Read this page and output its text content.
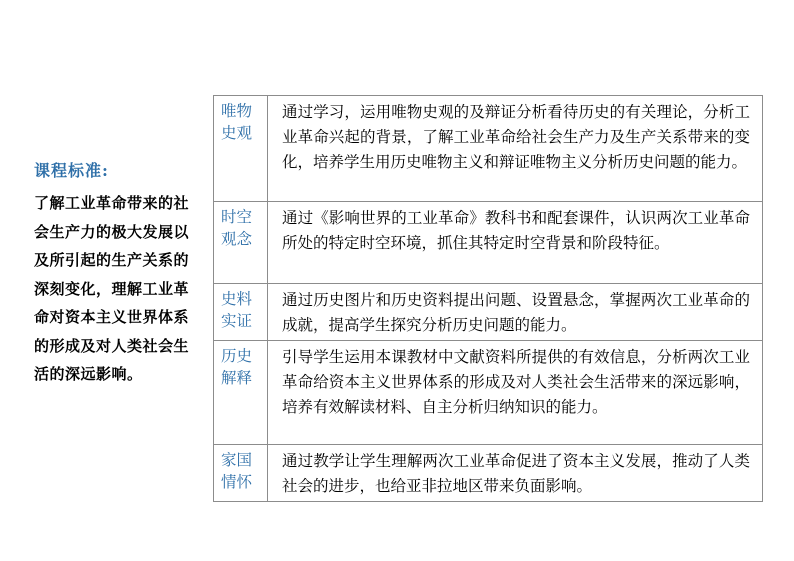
课程标准:
了解工业革命带来的社会生产力的极大发展以及所引起的生产关系的深刻变化，理解工业革命对资本主义世界体系的形成及对人类社会生活的深远影响。
唯物史观	通过学习，运用唯物史观的及辩证分析看待历史的有关理论，分析工业革命兴起的背景，了解工业革命给社会生产力及生产关系带来的变化，培养学生用历史唯物主义和辩证唯物主义分析历史问题的能力。
时空观念	通过《影响世界的工业革命》教科书和配套课件，认识两次工业革命所处的特定时空环境，抓住其特定时空背景和阶段特征。
史料实证	通过历史图片和历史资料提出问题、设置悬念，掌握两次工业革命的成就，提高学生探究分析历史问题的能力。
历史解释	引导学生运用本课教材中文献资料所提供的有效信息，分析两次工业革命给资本主义世界体系的形成及对人类社会生活带来的深远影响，培养有效解读材料、自主分析归纳知识的能力。
家国情怀	通过教学让学生理解两次工业革命促进了资本主义发展，推动了人类社会的进步，也给亚非拉地区带来负面影响。
